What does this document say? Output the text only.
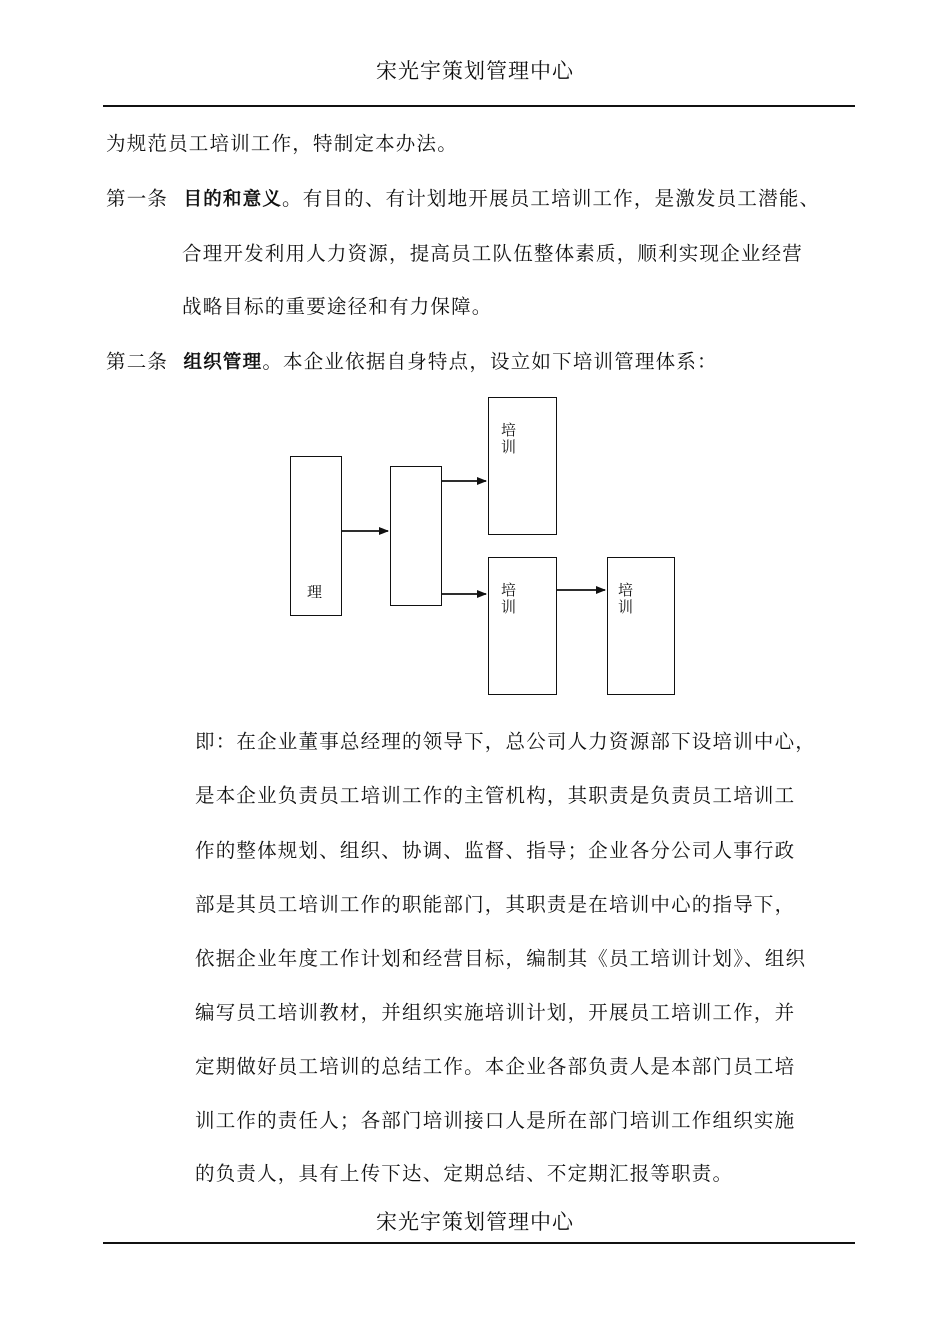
宋光宇策划管理中心
为规范员工培训工作，特制定本办法。
第一条 目的和意义。有目的、有计划地开展员工培训工作，是激发员工潜能、
合理开发利用人力资源，提高员工队伍整体素质，顺利实现企业经营
战略目标的重要途径和有力保障。
第二条 组织管理。本企业依据自身特点，设立如下培训管理体系：
理
培训
培训
培训
即：在企业董事总经理的领导下，总公司人力资源部下设培训中心，
是本企业负责员工培训工作的主管机构，其职责是负责员工培训工
作的整体规划、组织、协调、监督、指导；企业各分公司人事行政
部是其员工培训工作的职能部门，其职责是在培训中心的指导下，
依据企业年度工作计划和经营目标，编制其《员工培训计划》、组织
编写员工培训教材，并组织实施培训计划，开展员工培训工作，并
定期做好员工培训的总结工作。本企业各部负责人是本部门员工培
训工作的责任人；各部门培训接口人是所在部门培训工作组织实施
的负责人，具有上传下达、定期总结、不定期汇报等职责。
宋光宇策划管理中心
